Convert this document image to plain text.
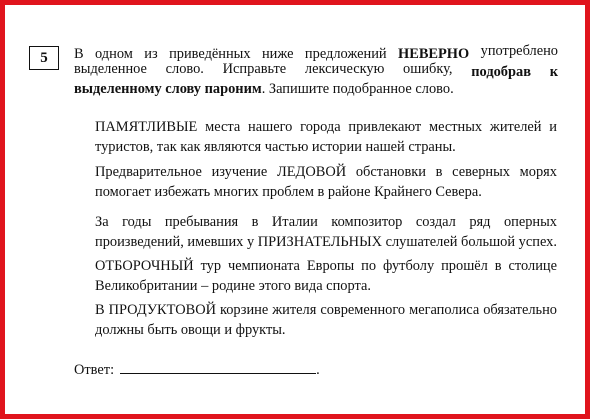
5	В одном из приведённых ниже предложений НЕВЕРНО употреблено выделенное слово. Исправьте лексическую ошибку, подобрав к выделенному слову пароним. Запишите подобранное слово.
ПАМЯТЛИВЫЕ места нашего города привлекают местных жителей и туристов, так как являются частью истории нашей страны.
Предварительное изучение ЛЕДОВОЙ обстановки в северных морях помогает избежать многих проблем в районе Крайнего Севера.
За годы пребывания в Италии композитор создал ряд оперных произведений, имевших у ПРИЗНАТЕЛЬНЫХ слушателей большой успех.
ОТБОРОЧНЫЙ тур чемпионата Европы по футболу прошёл в столице Великобритании – родине этого вида спорта.
В ПРОДУКТОВОЙ корзине жителя современного мегаполиса обязательно должны быть овощи и фрукты.
Ответ:	.
